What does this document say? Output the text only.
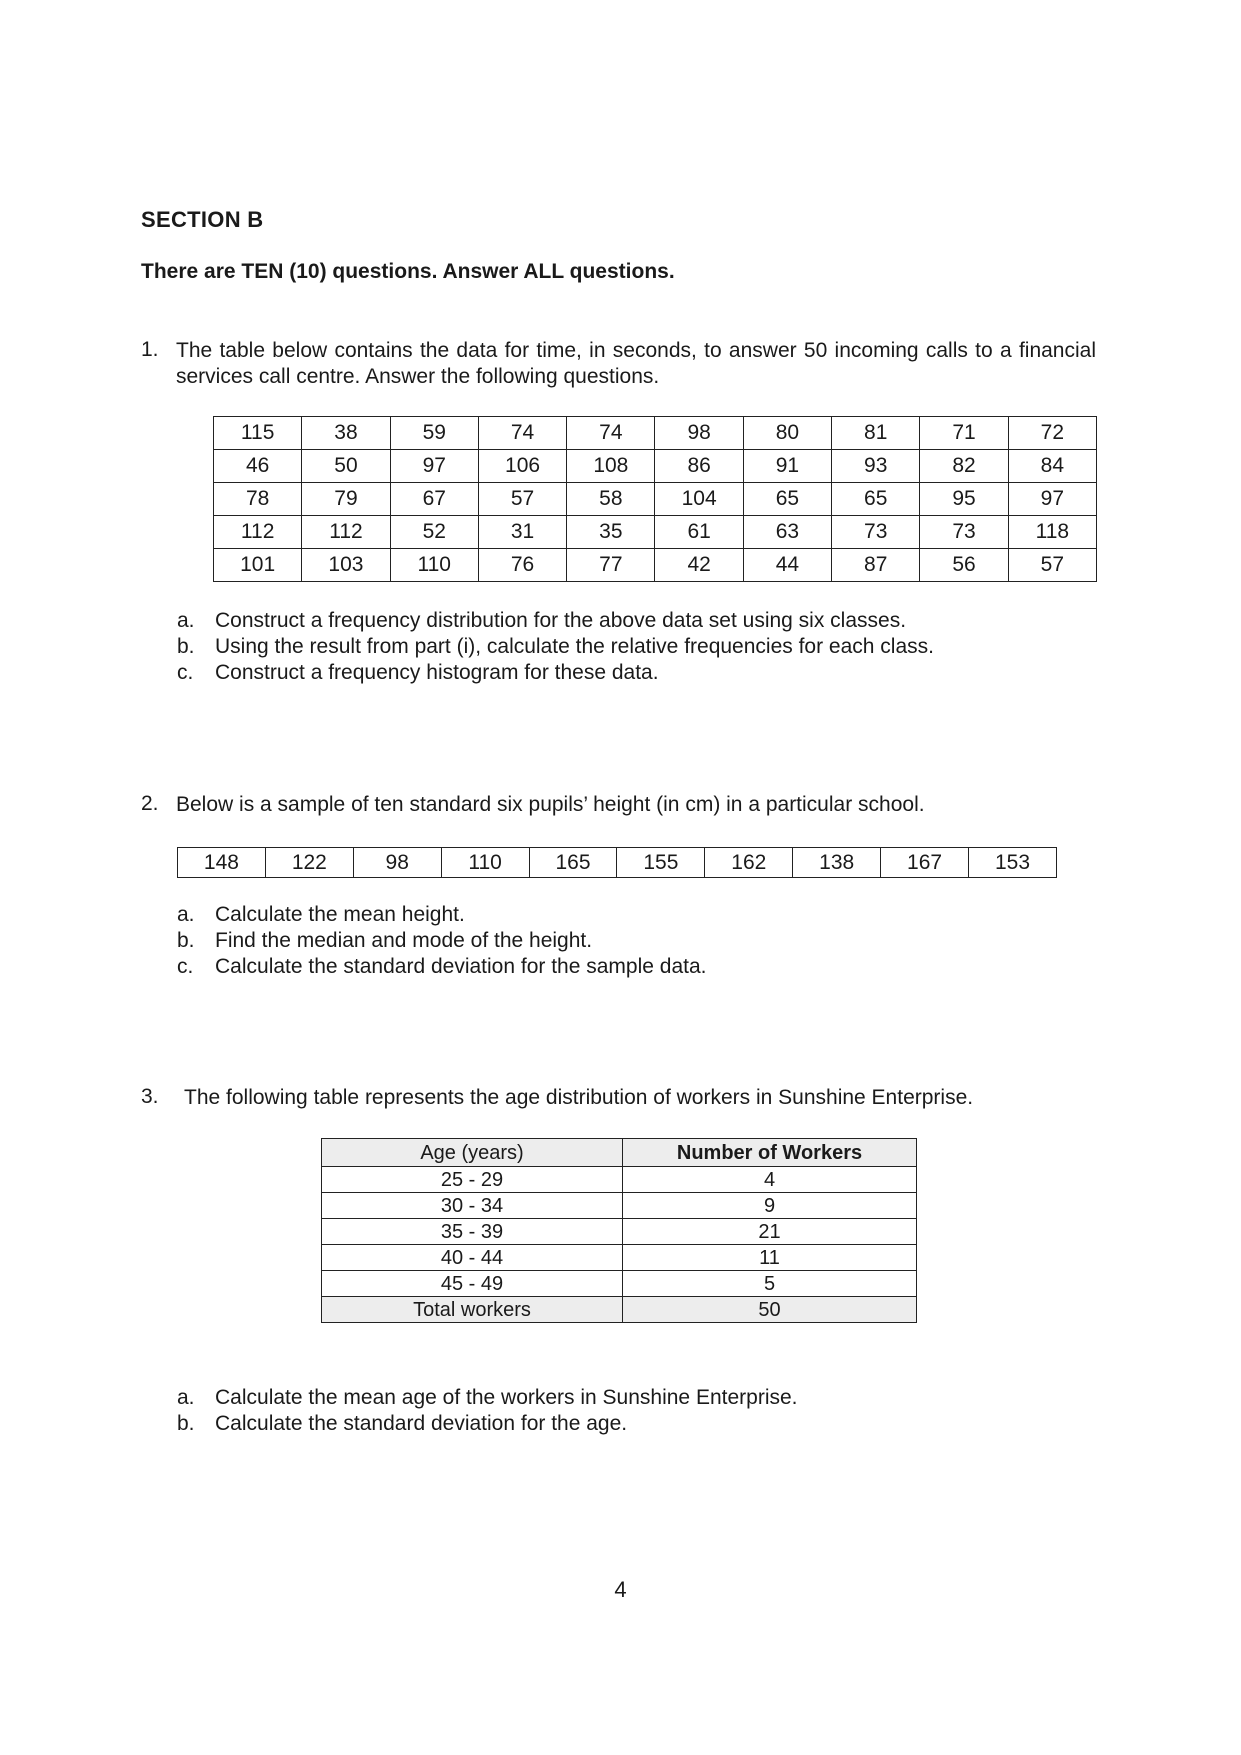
SECTION B
There are TEN (10) questions. Answer ALL questions.
1. The table below contains the data for time, in seconds, to answer 50 incoming calls to a financial services call centre. Answer the following questions.
115	38	59	74	74	98	80	81	71	72
46	50	97	106	108	86	91	93	82	84
78	79	67	57	58	104	65	65	95	97
112	112	52	31	35	61	63	73	73	118
101	103	110	76	77	42	44	87	56	57
a. Construct a frequency distribution for the above data set using six classes.
b. Using the result from part (i), calculate the relative frequencies for each class.
c.	Construct a frequency histogram for these data.
2. Below is a sample of ten standard six pupils’ height (in cm) in a particular school.
148	122	98	110	165	155	162	138	167	153
a. Calculate the mean height.
b. Find the median and mode of the height.
c.	Calculate the standard deviation for the sample data.
3. The following table represents the age distribution of workers in Sunshine Enterprise.
Age (years)	Number of Workers
25 - 29	4
30 - 34	9
35 - 39	21
40 - 44	11
45 - 49	5
Total workers	50
a. Calculate the mean age of the workers in Sunshine Enterprise.
b. Calculate the standard deviation for the age.
4
